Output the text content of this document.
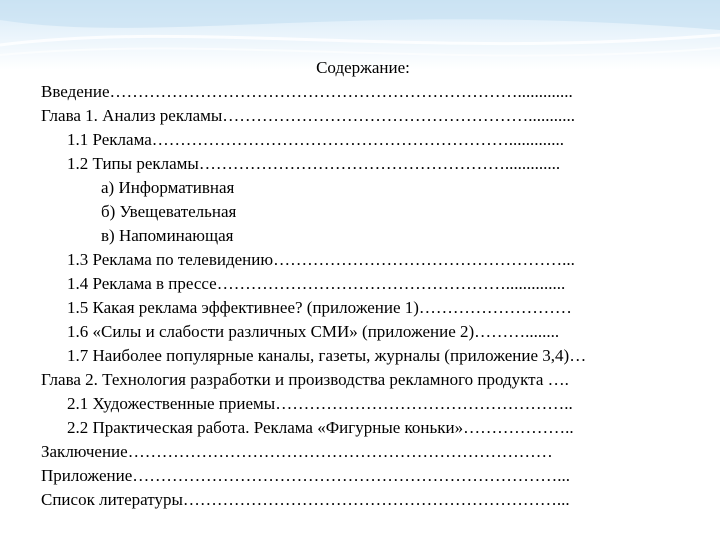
Содержание:
Введение……………………………………………………………….............
Глава 1. Анализ рекламы………………………………………………...........
1.1 Реклама……………………………………………………….............
1.2 Типы рекламы……………………………………………….............
а) Информативная
б) Увещевательная
в) Напоминающая
1.3 Реклама по телевидению……………………………………………...
1.4 Реклама в прессе……………………………………………..............
1.5 Какая реклама эффективнее? (приложение 1)………………………
1.6 «Силы и слабости различных СМИ» (приложение 2)………........
1.7 Наиболее популярные каналы, газеты, журналы (приложение 3,4)…
Глава 2. Технология разработки и производства рекламного продукта ….
2.1 Художественные приемы……………………………………………..
2.2 Практическая работа. Реклама «Фигурные коньки»………………..
Заключение…………………………………………………………………
Приложение…………………………………………………………………...
Список литературы…………………………………………………………...
